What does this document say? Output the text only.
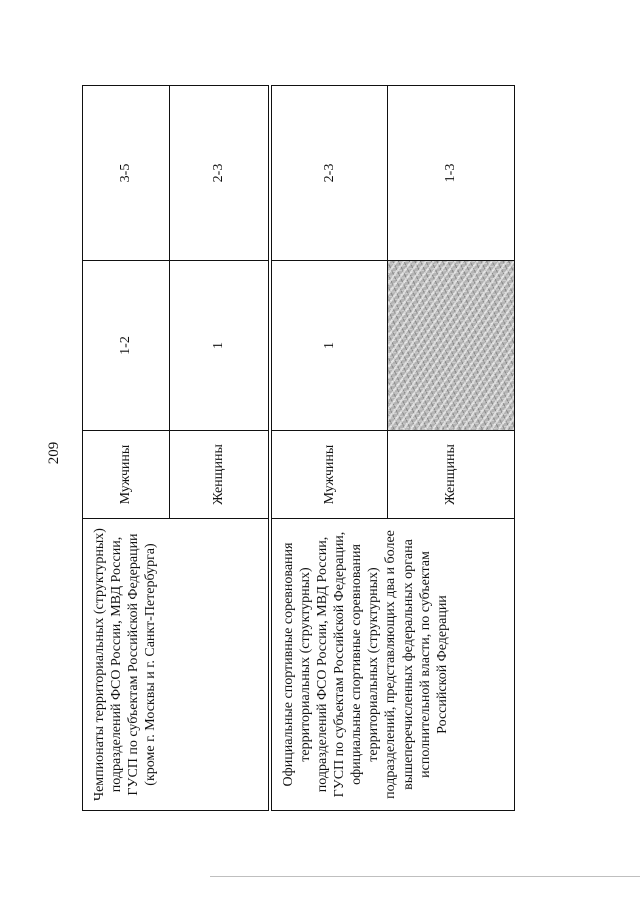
209
Чемпионаты территориальных (структурных) подразделений ФСО России, МВД России, ГУСП по субъектам Российской Федерации (кроме г. Москвы и г. Санкт-Петербурга)	Мужчины	1-2	3-5
	Женщины	1	2-3
Официальные спортивные соревнования территориальных (структурных) подразделений ФСО России, МВД России, ГУСП по субъектам Российской Федерации, официальные спортивные соревнования территориальных (структурных) подразделений, представляющих два и более вышеперечисленных федеральных органа исполнительной власти, по субъектам Российской Федерации	Мужчины	1	2-3
	Женщины		1-3
